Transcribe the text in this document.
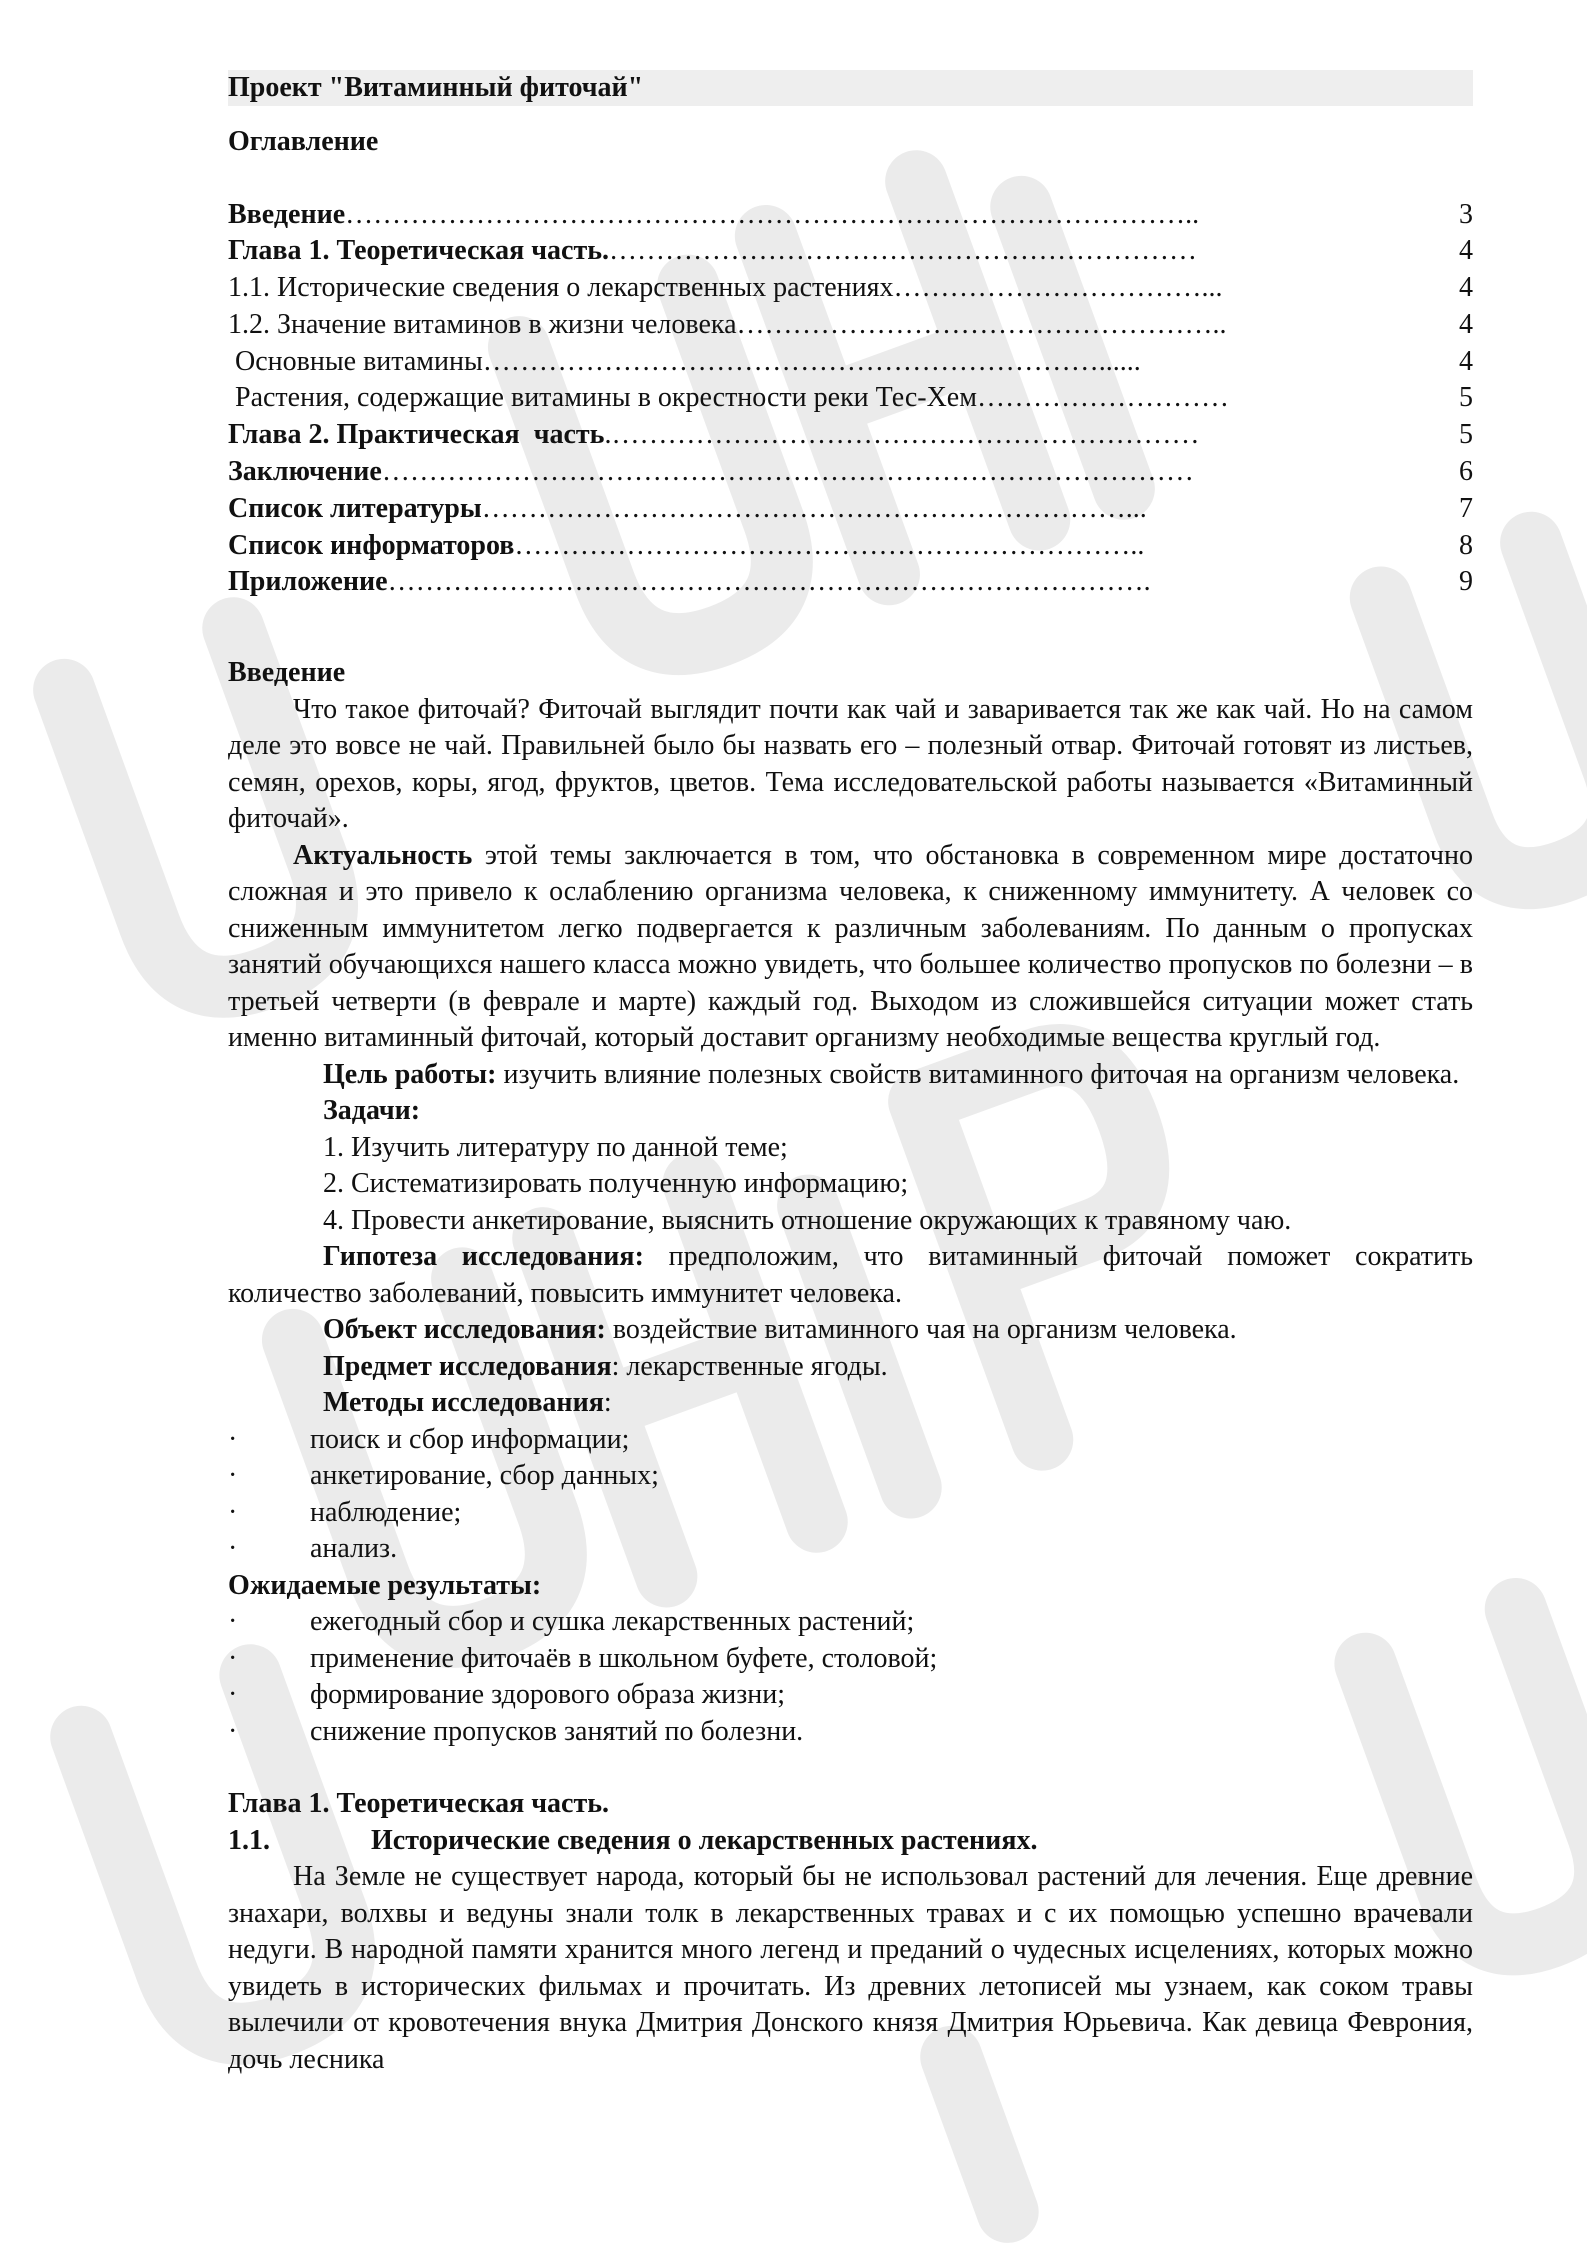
Проект "Витаминный фиточай"
Оглавление
Введение ………………………………………………………………………………..	3
Глава 1. Теоретическая часть. ………………………………………………………	4
1.1. Исторические сведения о лекарственных растениях ……………………………...	4
1.2. Значение витаминов в жизни человека ……………………………………………..	4
Основные витамины …………………………………………………………......	4
Растения, содержащие витамины в окрестности реки Тес-Хем ………………………	5
Глава 2. Практическая  часть .………………………………………………………	5
Заключение ……………………………………………………………………………	6
Список литературы ……………………………………………………………...	7
Список информаторов …………………………………………………………..	8
Приложение ……………………………………………………………………….	9
Введение

Что такое фиточай? Фиточай выглядит почти как чай и заваривается так же как чай. Но на самом деле это вовсе не чай. Правильней было бы назвать его – полезный отвар. Фиточай готовят из листьев, семян, орехов, коры, ягод, фруктов, цветов. Тема исследовательской работы называется «Витаминный фиточай».

Актуальность этой темы заключается в том, что обстановка в современном мире достаточно сложная и это привело к ослаблению организма человека, к сниженному иммунитету. А человек со сниженным иммунитетом легко подвергается к различным заболеваниям. По данным о пропусках занятий обучающихся нашего класса можно увидеть, что большее количество пропусков по болезни – в третьей четверти (в феврале и марте) каждый год. Выходом из сложившейся ситуации может стать именно витаминный фиточай, который доставит организму необходимые вещества круглый год.

Цель работы: изучить влияние полезных свойств витаминного фиточая на организм человека.

Задачи:
1. Изучить литературу по данной теме;
2. Систематизировать полученную информацию;
4. Провести анкетирование, выяснить отношение окружающих к травяному чаю.

Гипотеза исследования: предположим, что витаминный фиточай поможет сократить количество заболеваний, повысить иммунитет человека.

Объект исследования: воздействие витаминного чая на организм человека.
Предмет исследования: лекарственные ягоды.
Методы исследования:
·	поиск и сбор информации;
·	анкетирование, сбор данных;
·	наблюдение;
·	анализ.
Ожидаемые результаты:
·	ежегодный сбор и сушка лекарственных растений;
·	применение фиточаёв в школьном буфете, столовой;
·	формирование здорового образа жизни;
·	снижение пропусков занятий по болезни.
Глава 1. Теоретическая часть.
1.1.	Исторические сведения о лекарственных растениях.

На Земле не существует народа, который бы не использовал растений для лечения. Еще древние знахари, волхвы и ведуны знали толк в лекарственных травах и с их помощью успешно врачевали недуги. В народной памяти хранится много легенд и преданий о чудесных исцелениях, которых можно увидеть в исторических фильмах и прочитать. Из древних летописей мы узнаем, как соком травы вылечили от кровотечения внука Дмитрия Донского князя Дмитрия Юрьевича. Как девица Феврония, дочь лесника
